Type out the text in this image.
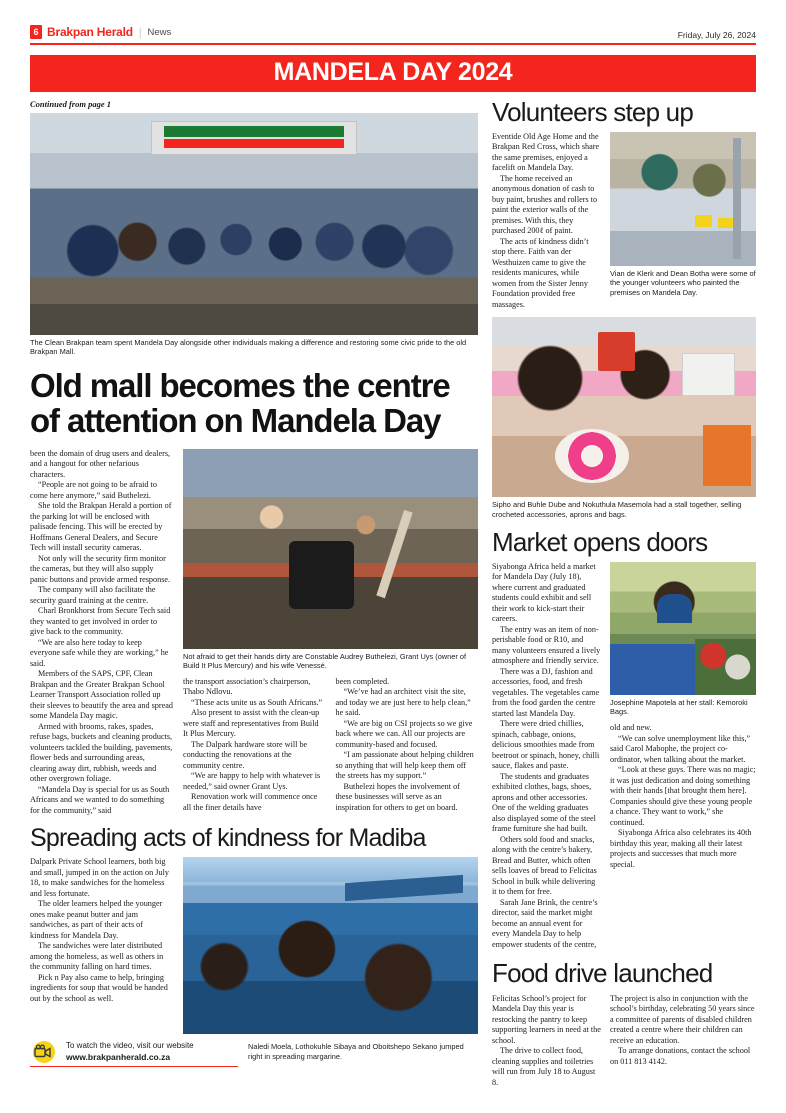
6 Brakpan Herald | News	Friday, July 26, 2024
MANDELA DAY 2024
Continued from page 1
The Clean Brakpan team spent Mandela Day alongside other individuals making a difference and restoring some civic pride to the old Brakpan Mall.
Old mall becomes the centre of attention on Mandela Day

been the domain of drug users and dealers, and a hangout for other nefarious characters.

“People are not going to be afraid to come here anymore,” said Buthelezi.

She told the Brakpan Herald a portion of the parking lot will be enclosed with palisade fencing. This will be erected by Hoffmans General Dealers, and Secure Tech will install security cameras.

Not only will the security firm monitor the cameras, but they will also supply panic buttons and provide armed response.

The company will also facilitate the security guard training at the centre.

Charl Bronkhorst from Secure Tech said they wanted to get involved in order to give back to the community.

“We are also here today to keep everyone safe while they are working,” he said.

Members of the SAPS, CPF, Clean Brakpan and the Greater Brakpan School Learner Transport Association rolled up their sleeves to beautify the area and spread some Mandela Day magic.

Armed with brooms, rakes, spades, refuse bags, buckets and cleaning products, volunteers tackled the building, pavements, flower beds and surrounding areas, clearing away dirt, rubbish, weeds and other overgrown foliage.

“Mandela Day is special for us as South Africans and we wanted to do something for the community,” said

Not afraid to get their hands dirty are Constable Audrey Buthelezi, Grant Uys (owner of Build It Plus Mercury) and his wife Venessé.

the transport association’s chairperson, Thabo Ndlovu.

“These acts unite us as South Africans.”

Also present to assist with the clean-up were staff and representatives from Build It Plus Mercury.

The Dalpark hardware store will be conducting the renovations at the community centre.

“We are happy to help with whatever is needed,” said owner Grant Uys.

Renovation work will commence once all the finer details have

been completed.

“We’ve had an architect visit the site, and today we are just here to help clean,” he said.

“We are big on CSI projects so we give back where we can. All our projects are community-based and focused.

“I am passionate about helping children so anything that will help keep them off the streets has my support.”

Buthelezi hopes the involvement of these businesses will serve as an inspiration for others to get on board.

Spreading acts of kindness for Madiba

Dalpark Private School learners, both big and small, jumped in on the action on July 18, to make sandwiches for the homeless and less fortunate.

The older learners helped the younger ones make peanut butter and jam sandwiches, as part of their acts of kindness for Mandela Day.

The sandwiches were later distributed among the homeless, as well as others in the community falling on hard times.

Pick n Pay also came to help, bringing ingredients for soup that would be handed out by the school as well.

To watch the video, visit our website
www.brakpanherald.co.za
Naledi Moela, Lothokuhle Sibaya and Oboitshepo Sekano jumped right in spreading margarine.
Volunteers step up

Eventide Old Age Home and the Brakpan Red Cross, which share the same premises, enjoyed a facelift on Mandela Day.

The home received an anonymous donation of cash to buy paint, brushes and rollers to paint the exterior walls of the premises. With this, they purchased 200ℓ of paint.

The acts of kindness didn’t stop there. Faith van der Westhuizen came to give the residents manicures, while women from the Sister Jenny Foundation provided free massages.

Vian de Klerk and Dean Botha were some of the younger volunteers who painted the premises on Mandela Day.
Sipho and Buhle Dube and Nokuthula Masemola had a stall together, selling crocheted accessories, aprons and bags.
Market opens doors

Siyabonga Africa held a market for Mandela Day (July 18), where current and graduated students could exhibit and sell their work to kick-start their careers.

The entry was an item of non-perishable food or R10, and many volunteers ensured a lively atmosphere and friendly service.

There was a DJ, fashion and accessories, food, and fresh vegetables. The vegetables came from the food garden the centre started last Mandela Day.

There were dried chillies, spinach, cabbage, onions, delicious smoothies made from beetroot or spinach, honey, chilli sauce, flakes and paste.

The students and graduates exhibited clothes, bags, shoes, aprons and other accessories. One of the welding graduates also displayed some of the steel frame furniture she had built.

Others sold food and snacks, along with the centre’s bakery, Bread and Butter, which often sells loaves of bread to Felicitas School in bulk while delivering it to them for free.

Sarah Jane Brink, the centre’s director, said the market might become an annual event for every Mandela Day to help empower students of the centre,

Josephine Mapotela at her stall: Kemoroki Bags.

old and new.

“We can solve unemployment like this,” said Carol Mabophe, the project co-ordinator, when talking about the market.

“Look at these guys. There was no magic; it was just dedication and doing something with their hands [that brought them here]. Companies should give these young people a chance. They want to work,” she continued.

Siyabonga Africa also celebrates its 40th birthday this year, making all their latest projects and successes that much more special.

Food drive launched

Felicitas School’s project for Mandela Day this year is restocking the pantry to keep supporting learners in need at the school.

The drive to collect food, cleaning supplies and toiletries will run from July 18 to August 8.

The project is also in conjunction with the school’s birthday, celebrating 50 years since a committee of parents of disabled children created a centre where their children can receive an education.

To arrange donations, contact the school on 011 813 4142.
